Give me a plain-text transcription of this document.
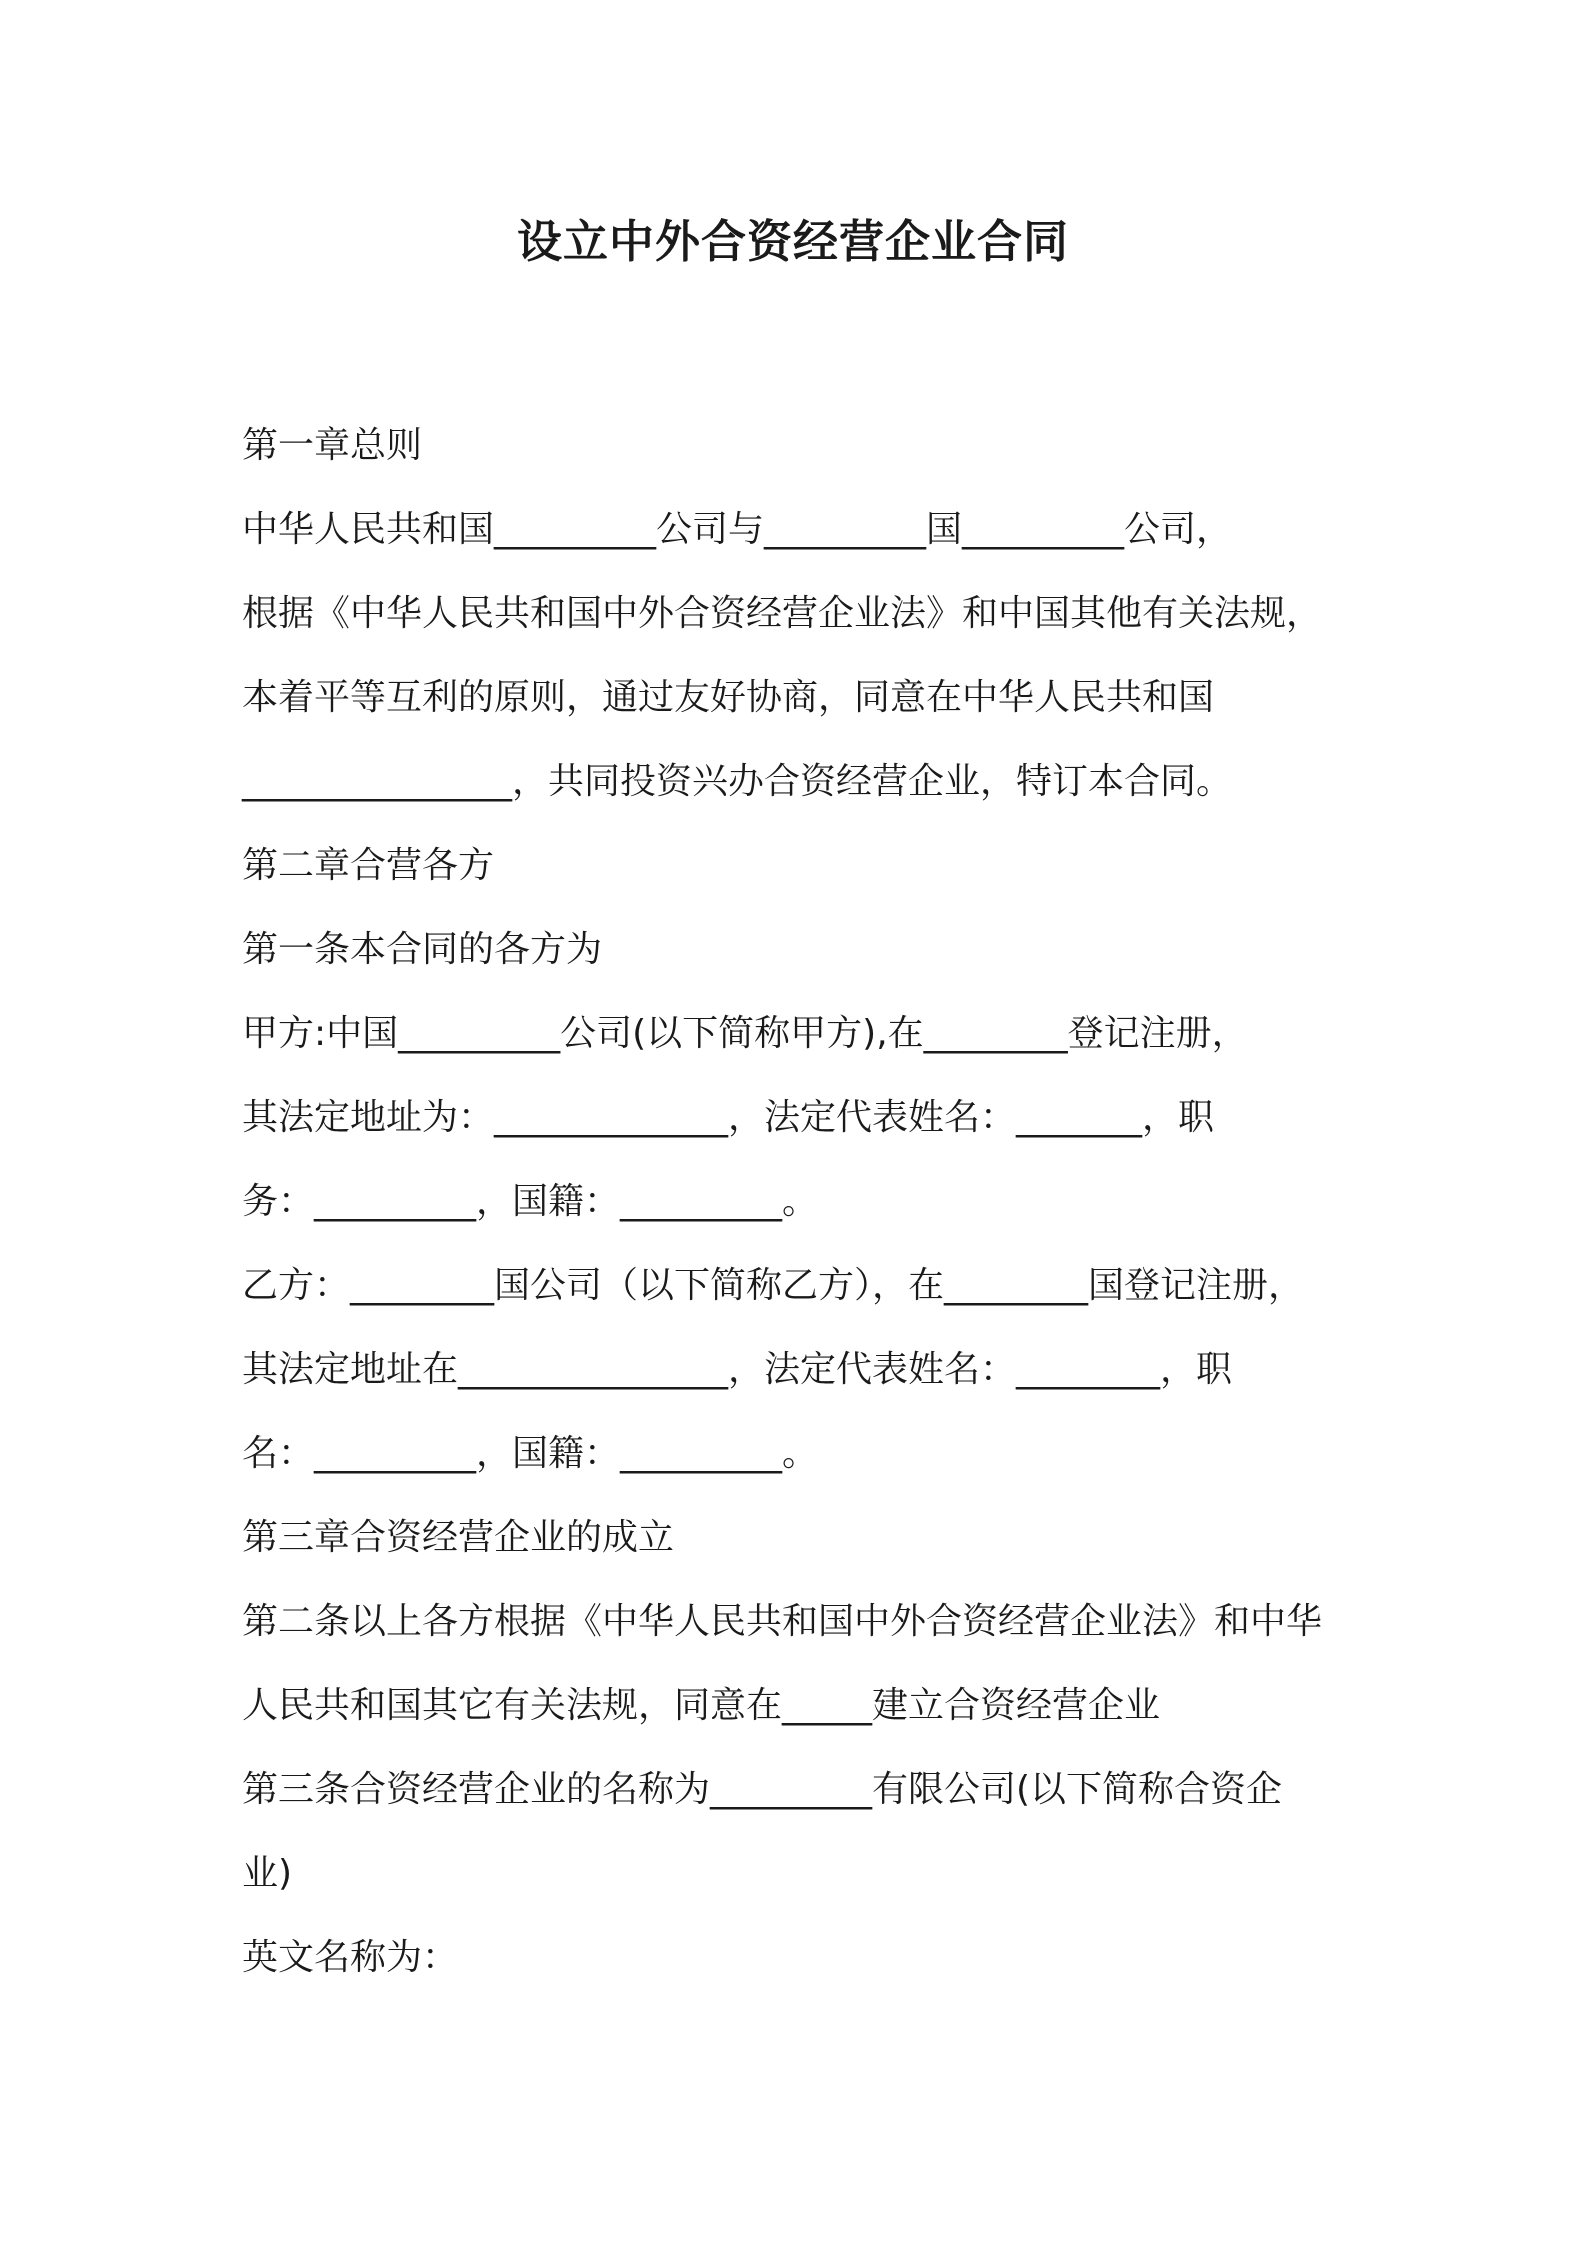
设立中外合资经营企业合同
第一章总则
中华人民共和国_________公司与_________国_________公司，
根据《中华人民共和国中外合资经营企业法》和中国其他有关法规，
本着平等互利的原则，通过友好协商，同意在中华人民共和国
_______________，共同投资兴办合资经营企业，特订本合同。
第二章合营各方
第一条本合同的各方为
甲方:中国_________公司(以下简称甲方),在________登记注册，
其法定地址为：_____________，法定代表姓名：_______，职
务：_________，国籍：_________。
乙方：________国公司（以下简称乙方），在________国登记注册，
其法定地址在_______________，法定代表姓名：________，职
名：_________，国籍：_________。
第三章合资经营企业的成立
第二条以上各方根据《中华人民共和国中外合资经营企业法》和中华
人民共和国其它有关法规，同意在_____建立合资经营企业
第三条合资经营企业的名称为_________有限公司(以下简称合资企
业)
英文名称为：
